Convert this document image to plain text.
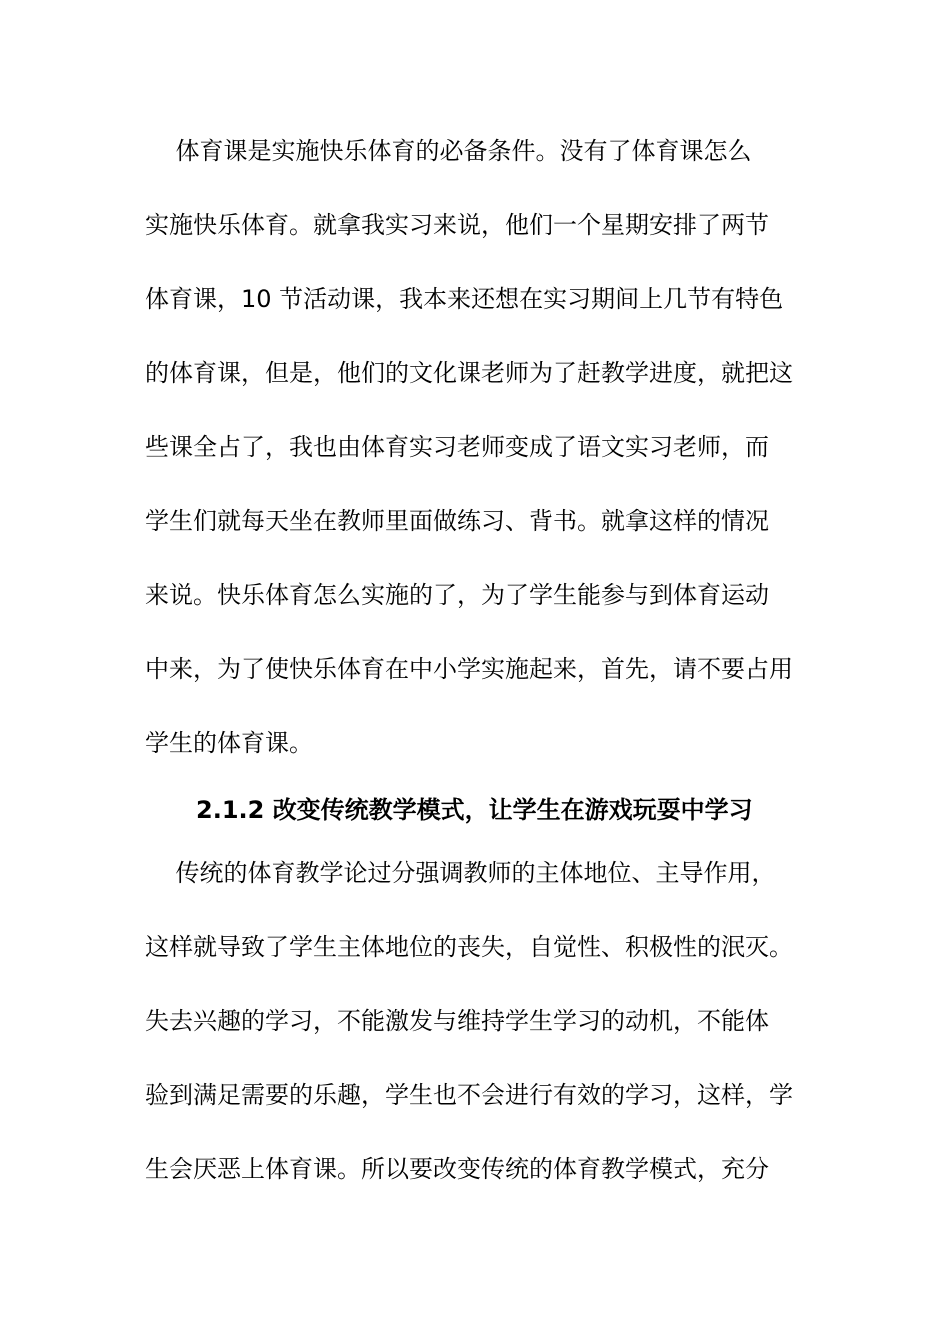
体育课是实施快乐体育的必备条件。没有了体育课怎么
实施快乐体育。就拿我实习来说，他们一个星期安排了两节
体育课，10 节活动课，我本来还想在实习期间上几节有特色
的体育课，但是，他们的文化课老师为了赶教学进度，就把这
些课全占了，我也由体育实习老师变成了语文实习老师，而
学生们就每天坐在教师里面做练习、背书。就拿这样的情况
来说。快乐体育怎么实施的了，为了学生能参与到体育运动
中来，为了使快乐体育在中小学实施起来，首先，请不要占用
学生的体育课。
2.1.2 改变传统教学模式，让学生在游戏玩耍中学习
传统的体育教学论过分强调教师的主体地位、主导作用，
这样就导致了学生主体地位的丧失，自觉性、积极性的泯灭。
失去兴趣的学习，不能激发与维持学生学习的动机，不能体
验到满足需要的乐趣，学生也不会进行有效的学习，这样，学
生会厌恶上体育课。所以要改变传统的体育教学模式，充分
